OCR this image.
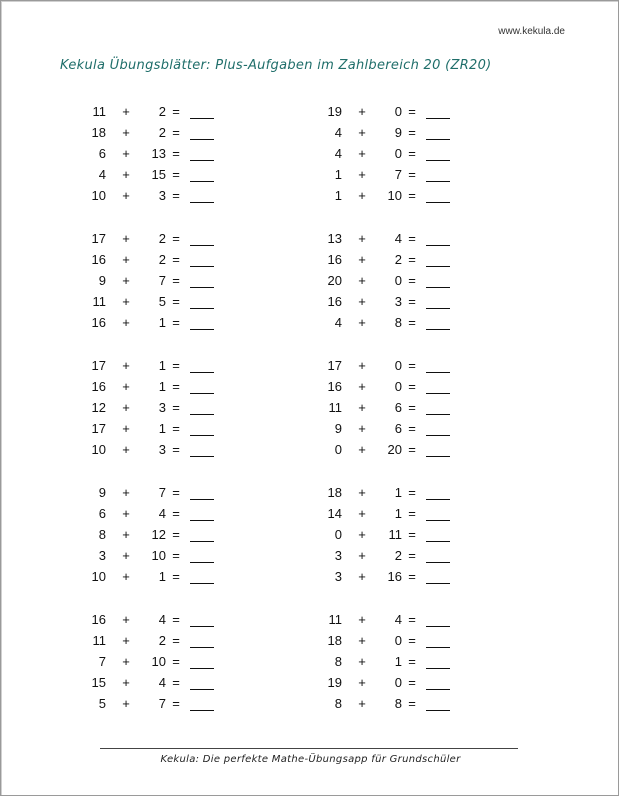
www.kekula.de
Kekula Übungsblätter: Plus-Aufgaben im Zahlbereich 20 (ZR20)
11 +	2 =
18 +	2 =
6 +	13 =
4 +	15 =
10 +	3 =
17 +	2 =
16 +	2 =
9 +	7 =
11 +	5 =
16 +	1 =
17 +	1 =
16 +	1 =
12 +	3 =
17 +	1 =
10 +	3 =
9 +	7 =
6 +	4 =
8 +	12 =
3 +	10 =
10 +	1 =
16 +	4 =
11 +	2 =
7 +	10 =
15 +	4 =
5 +	7 =
19 +	0 =
4 +	9 =
4 +	0 =
1 +	7 =
1 +	10 =
13 +	4 =
16 +	2 =
20 +	0 =
16 +	3 =
4 +	8 =
17 +	0 =
16 +	0 =
11 +	6 =
9 +	6 =
0 +	20 =
18 +	1 =
14 +	1 =
0 +	11 =
3 +	2 =
3 +	16 =
11 +	4 =
18 +	0 =
8 +	1 =
19 +	0 =
8 +	8 =
Kekula: Die perfekte Mathe-Übungsapp für Grundschüler
